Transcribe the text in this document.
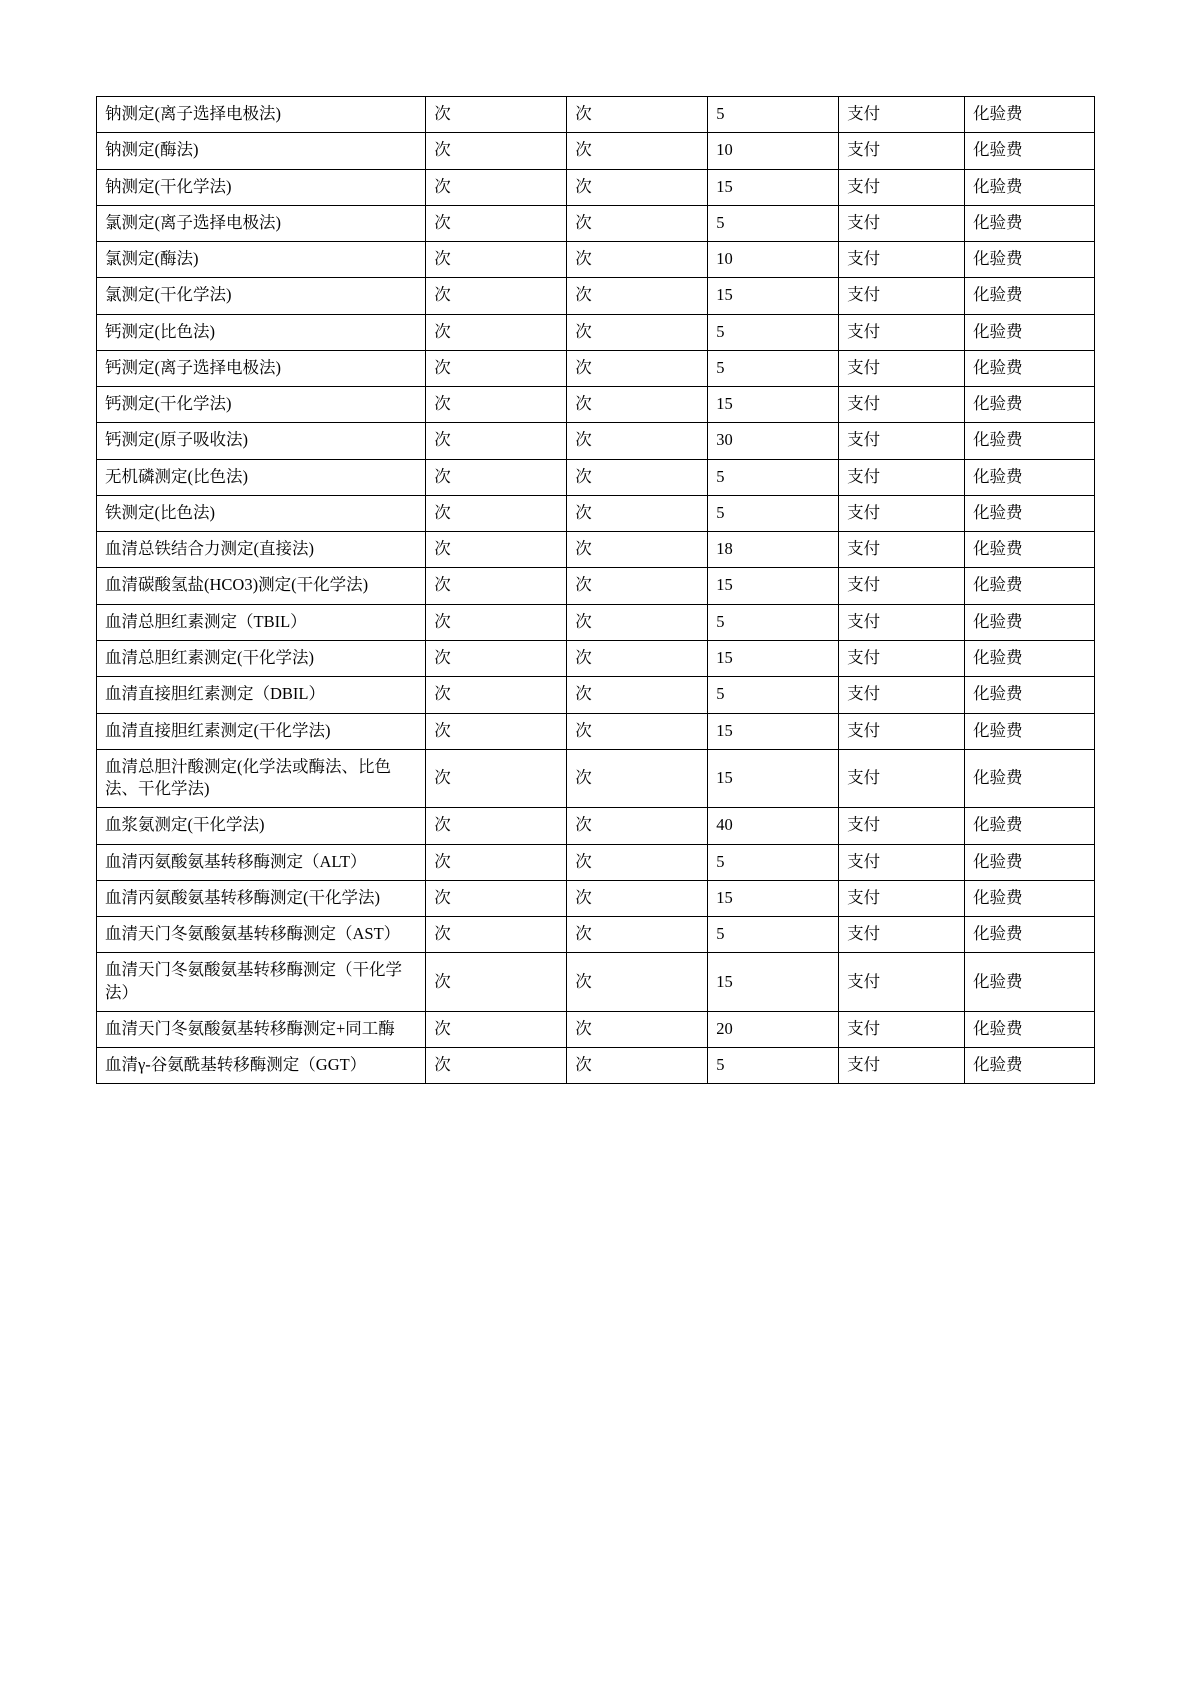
钠测定(离子选择电极法)	次	次	5	支付	化验费
钠测定(酶法)	次	次	10	支付	化验费
钠测定(干化学法)	次	次	15	支付	化验费
氯测定(离子选择电极法)	次	次	5	支付	化验费
氯测定(酶法)	次	次	10	支付	化验费
氯测定(干化学法)	次	次	15	支付	化验费
钙测定(比色法)	次	次	5	支付	化验费
钙测定(离子选择电极法)	次	次	5	支付	化验费
钙测定(干化学法)	次	次	15	支付	化验费
钙测定(原子吸收法)	次	次	30	支付	化验费
无机磷测定(比色法)	次	次	5	支付	化验费
铁测定(比色法)	次	次	5	支付	化验费
血清总铁结合力测定(直接法)	次	次	18	支付	化验费
血清碳酸氢盐(HCO3)测定(干化学法)	次	次	15	支付	化验费
血清总胆红素测定（TBIL）	次	次	5	支付	化验费
血清总胆红素测定(干化学法)	次	次	15	支付	化验费
血清直接胆红素测定（DBIL）	次	次	5	支付	化验费
血清直接胆红素测定(干化学法)	次	次	15	支付	化验费
血清总胆汁酸测定(化学法或酶法、比色法、干化学法)	次	次	15	支付	化验费
血浆氨测定(干化学法)	次	次	40	支付	化验费
血清丙氨酸氨基转移酶测定（ALT）	次	次	5	支付	化验费
血清丙氨酸氨基转移酶测定(干化学法)	次	次	15	支付	化验费
血清天门冬氨酸氨基转移酶测定（AST）	次	次	5	支付	化验费
血清天门冬氨酸氨基转移酶测定（干化学法）	次	次	15	支付	化验费
血清天门冬氨酸氨基转移酶测定+同工酶	次	次	20	支付	化验费
血清γ-谷氨酰基转移酶测定（GGT）	次	次	5	支付	化验费
